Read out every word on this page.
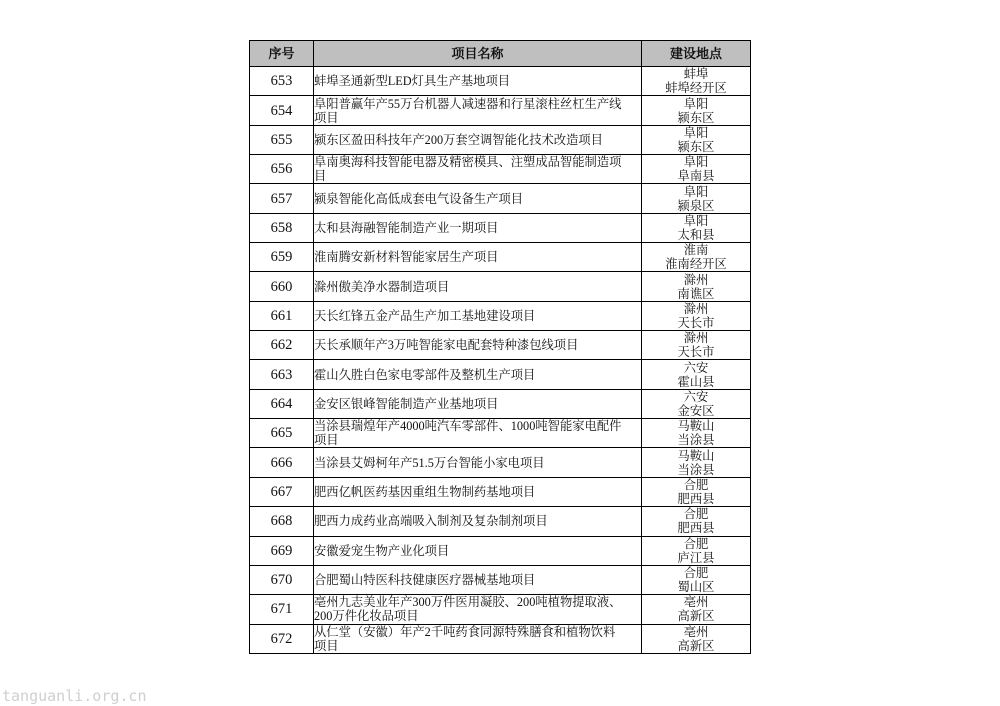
序号	项目名称	建设地点
653	蚌埠圣通新型LED灯具生产基地项目	蚌埠
蚌埠经开区

654	阜阳普赢年产55万台机器人减速器和行星滚柱丝杠生产线项目	阜阳
颍东区

655	颍东区盈田科技年产200万套空调智能化技术改造项目	阜阳
颍东区

656	阜南奥海科技智能电器及精密模具、注塑成品智能制造项目	阜阳
阜南县

657	颍泉智能化高低成套电气设备生产项目	阜阳
颍泉区

658	太和县海融智能制造产业一期项目	阜阳
太和县

659	淮南腾安新材料智能家居生产项目	淮南
淮南经开区

660	滁州傲美净水器制造项目	滁州
南谯区

661	天长红锋五金产品生产加工基地建设项目	滁州
天长市

662	天长承顺年产3万吨智能家电配套特种漆包线项目	滁州
天长市

663	霍山久胜白色家电零部件及整机生产项目	六安
霍山县

664	金安区银峰智能制造产业基地项目	六安
金安区

665	当涂县瑞煌年产4000吨汽车零部件、1000吨智能家电配件项目	马鞍山
当涂县

666	当涂县艾姆柯年产51.5万台智能小家电项目	马鞍山
当涂县

667	肥西亿帆医药基因重组生物制药基地项目	合肥
肥西县

668	肥西力成药业高端吸入制剂及复杂制剂项目	合肥
肥西县

669	安徽爱宠生物产业化项目	合肥
庐江县

670	合肥蜀山特医科技健康医疗器械基地项目	合肥
蜀山区

671	亳州九志美业年产300万件医用凝胶、200吨植物提取液、200万件化妆品项目	亳州
高新区

672	从仁堂（安徽）年产2千吨药食同源特殊膳食和植物饮料项目	亳州
高新区
tanguanli.org.cn
